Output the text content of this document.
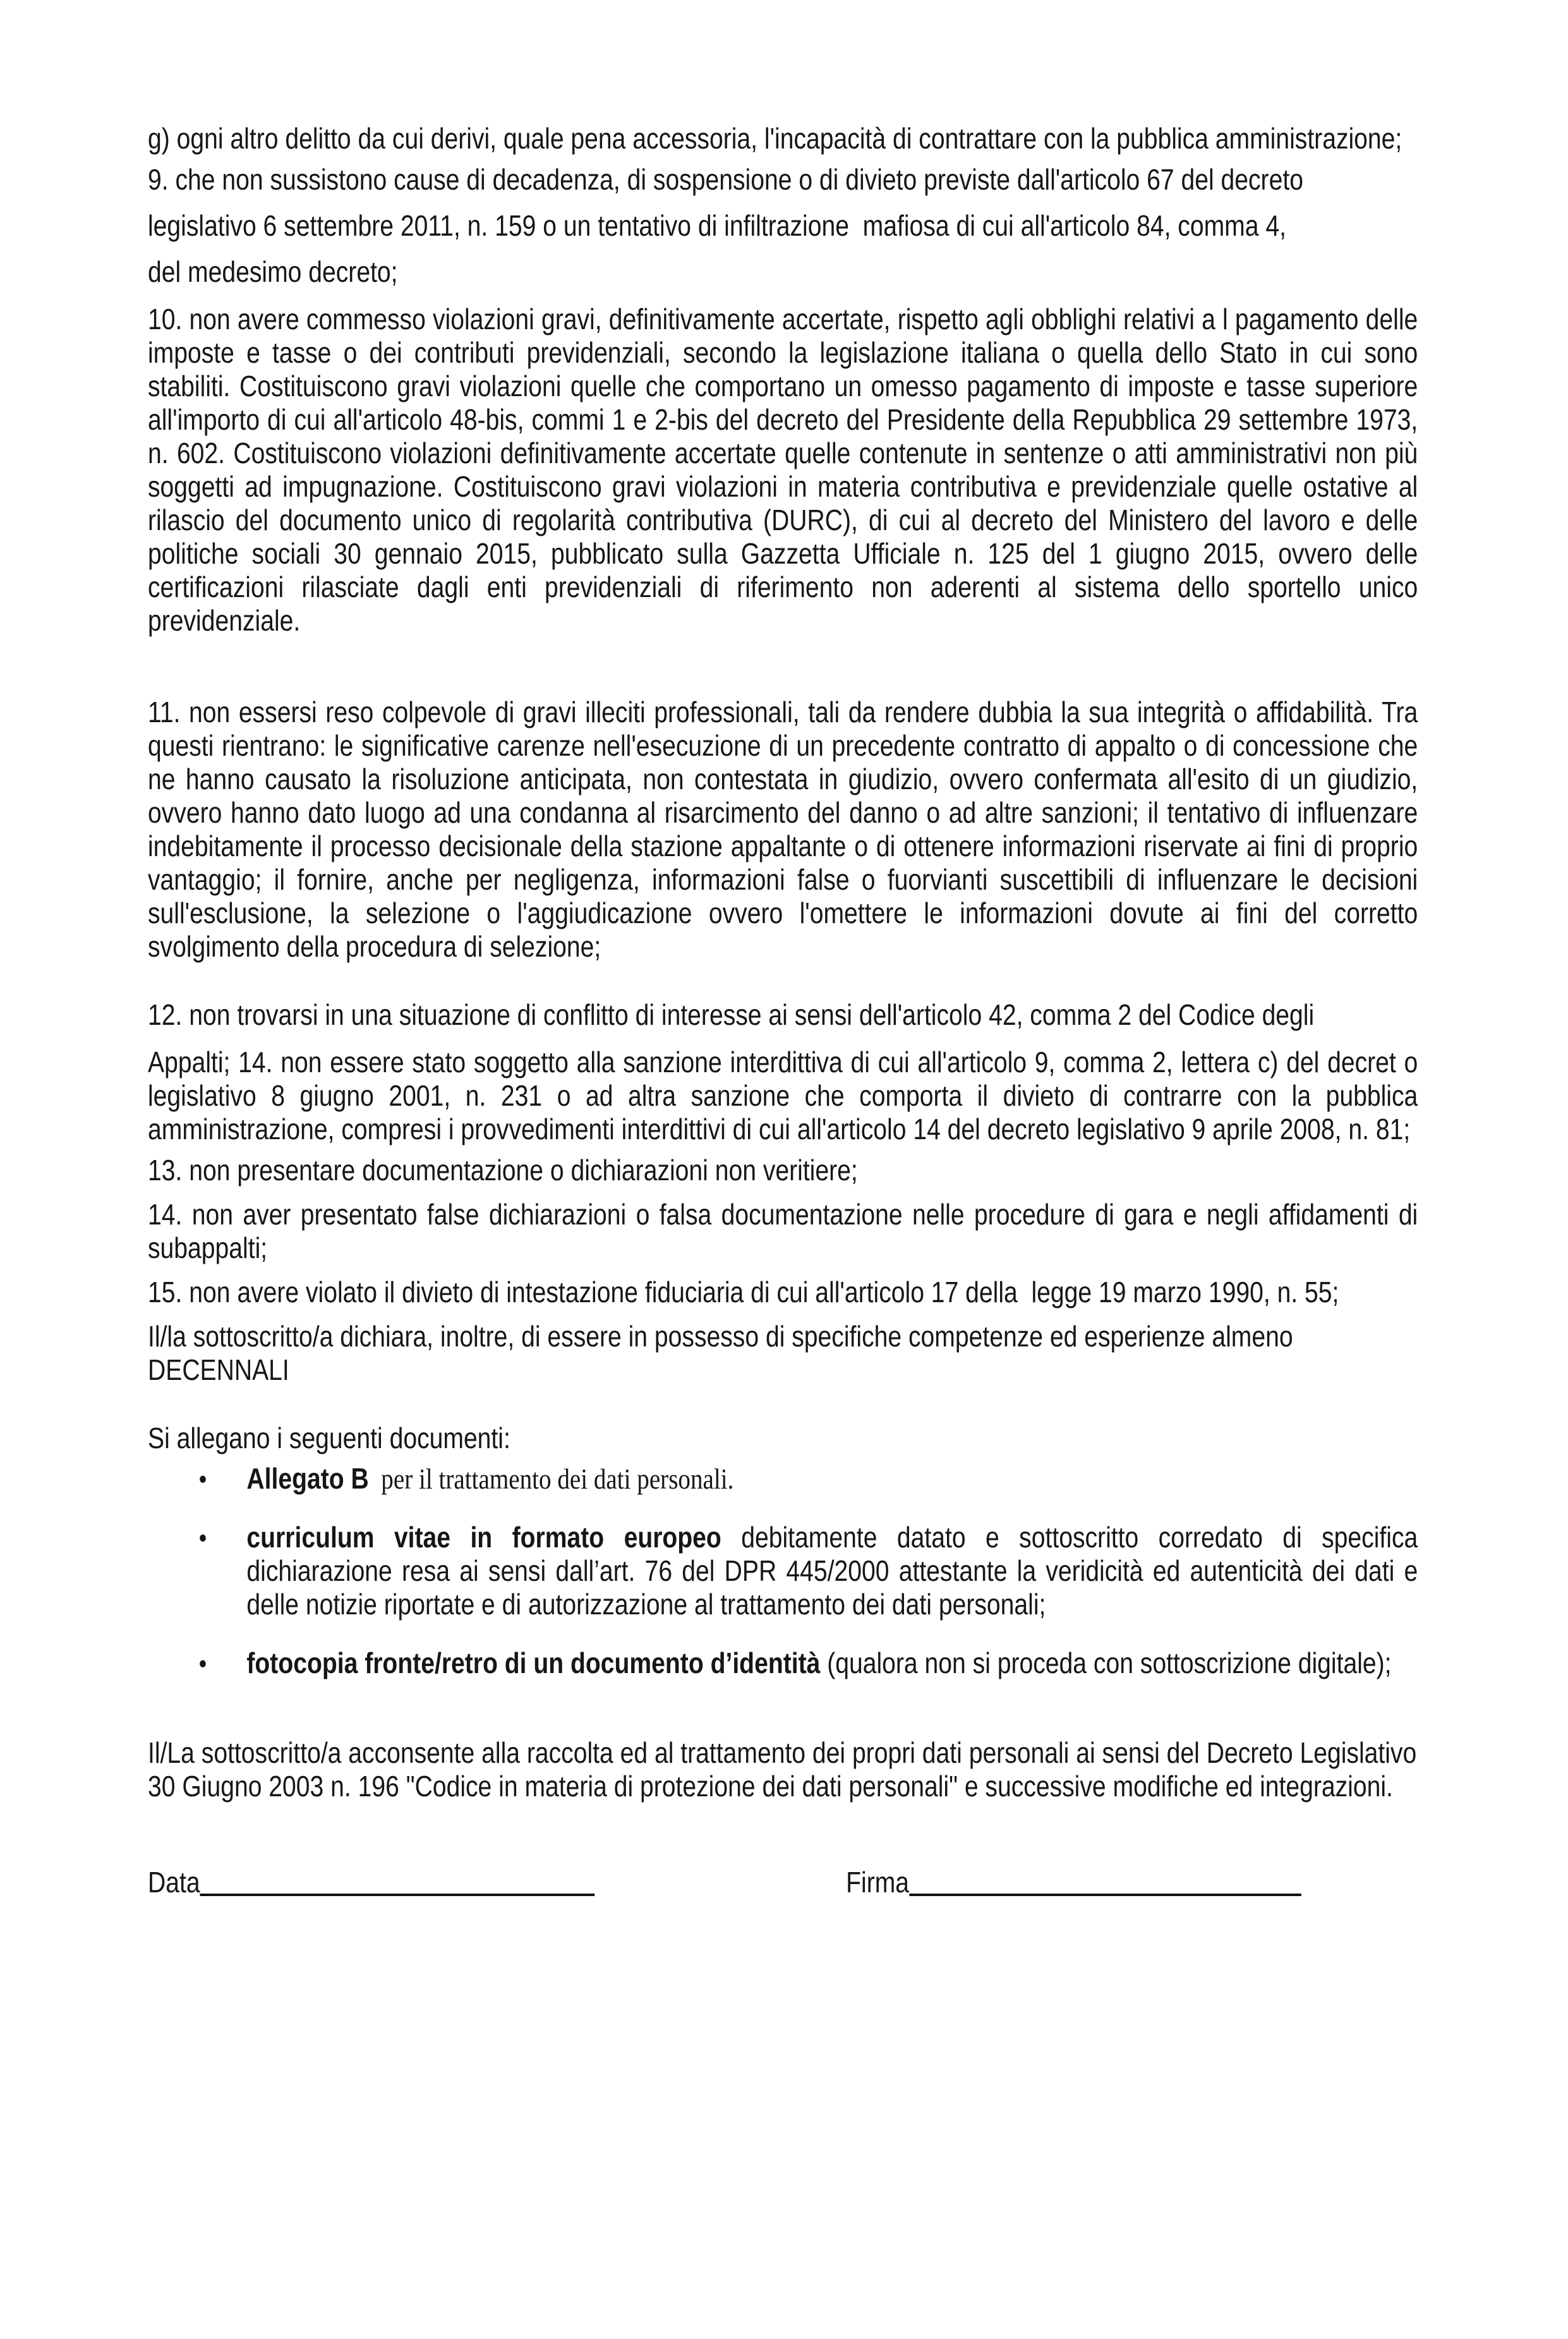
g) ogni altro delitto da cui derivi, quale pena accessoria, l'incapacità di contrattare con la pubblica amministrazione;

9. che non sussistono cause di decadenza, di sospensione o di divieto previste dall'articolo 67 del decreto

legislativo 6 settembre 2011, n. 159 o un tentativo di infiltrazione  mafiosa di cui all'articolo 84, comma 4,

del medesimo decreto;

10. non avere commesso violazioni gravi, definitivamente accertate, rispetto agli obblighi relativi a l pagamento delle imposte e tasse o dei contributi previdenziali, secondo la legislazione italiana o quella dello Stato in cui sono stabiliti. Costituiscono gravi violazioni quelle che comportano un omesso pagamento di imposte e tasse superiore all'importo di cui all'articolo 48-bis, commi 1 e 2-bis del decreto del Presidente della Repubblica 29 settembre 1973, n. 602. Costituiscono violazioni definitivamente accertate quelle contenute in sentenze o atti amministrativi non più soggetti ad impugnazione. Costituiscono gravi violazioni in materia contributiva e previdenziale quelle ostative al rilascio del documento unico di regolarità contributiva (DURC), di cui al decreto del Ministero del lavoro e delle politiche sociali 30 gennaio 2015, pubblicato sulla Gazzetta Ufficiale n. 125 del 1 giugno 2015, ovvero delle certificazioni rilasciate dagli enti previdenziali di riferimento non aderenti al sistema dello sportello unico previdenziale.

11. non essersi reso colpevole di gravi illeciti professionali, tali da rendere dubbia la sua integrità o affidabilità. Tra questi rientrano: le significative carenze nell'esecuzione di un precedente contratto di appalto o di concessione che ne hanno causato la risoluzione anticipata, non contestata in giudizio, ovvero confermata all'esito di un giudizio, ovvero hanno dato luogo ad una condanna al risarcimento del danno o ad altre sanzioni; il tentativo di influenzare indebitamente il processo decisionale della stazione appaltante o di ottenere informazioni riservate ai fini di proprio vantaggio; il fornire, anche per negligenza, informazioni false o fuorvianti suscettibili di influenzare le decisioni sull'esclusione, la selezione o l'aggiudicazione ovvero l'omettere le informazioni dovute ai fini del corretto svolgimento della procedura di selezione;

12. non trovarsi in una situazione di conflitto di interesse ai sensi dell'articolo 42, comma 2 del Codice degli

Appalti; 14. non essere stato soggetto alla sanzione interdittiva di cui all'articolo 9, comma 2, lettera c) del decret o legislativo 8 giugno 2001, n. 231 o ad altra sanzione che comporta il divieto di contrarre con la pubblica amministrazione, compresi i provvedimenti interdittivi di cui all'articolo 14 del decreto legislativo 9 aprile 2008, n. 81;

13. non presentare documentazione o dichiarazioni non veritiere;

14. non aver presentato false dichiarazioni o falsa documentazione nelle procedure di gara e negli affidamenti di subappalti;

15. non avere violato il divieto di intestazione fiduciaria di cui all'articolo 17 della  legge 19 marzo 1990, n. 55;

Il/la sottoscritto/a dichiara, inoltre, di essere in possesso di specifiche competenze ed esperienze almeno DECENNALI

Si allegano i seguenti documenti:

• Allegato B  per il trattamento dei dati personali.
• curriculum vitae in formato europeo debitamente datato e sottoscritto corredato di specifica dichiarazione resa ai sensi dall’art. 76 del DPR 445/2000 attestante la veridicità ed autenticità dei dati e delle notizie riportate e di autorizzazione al trattamento dei dati personali;
• fotocopia fronte/retro di un documento d’identità (qualora non si proceda con sottoscrizione digitale);

Il/La sottoscritto/a acconsente alla raccolta ed al trattamento dei propri dati personali ai sensi del Decreto Legislativo 30 Giugno 2003 n. 196 "Codice in materia di protezione dei dati personali" e successive modifiche ed integrazioni.

Data	Firma
